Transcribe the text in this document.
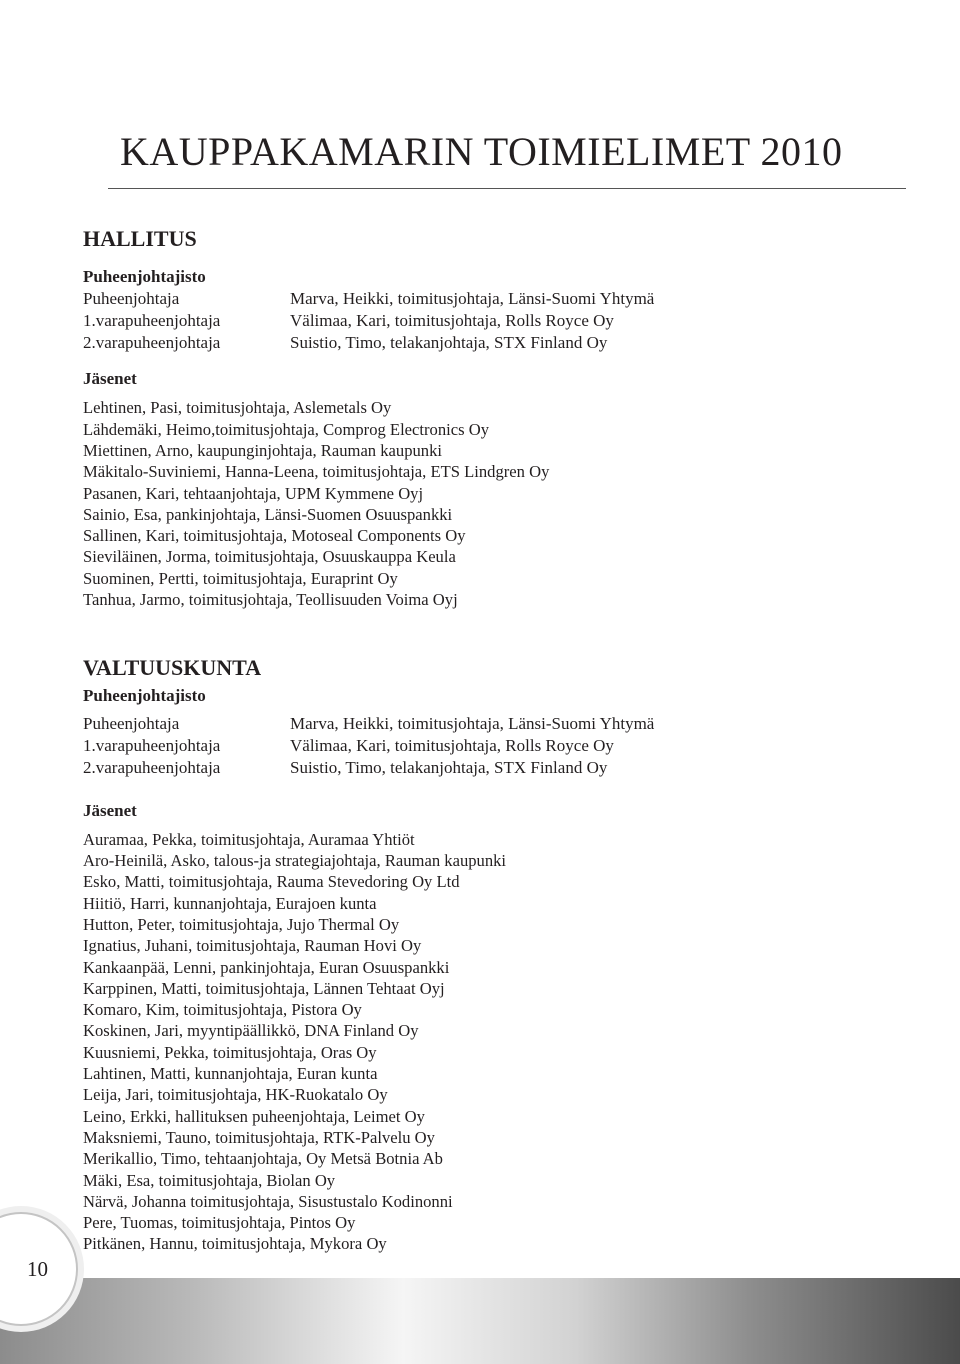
KAUPPAKAMARIN TOIMIELIMET 2010
HALLITUS
Puheenjohtajisto
Puheenjohtaja	Marva, Heikki, toimitusjohtaja, Länsi-Suomi Yhtymä
1.varapuheenjohtaja	Välimaa, Kari, toimitusjohtaja, Rolls Royce Oy
2.varapuheenjohtaja	Suistio, Timo, telakanjohtaja, STX Finland Oy
Jäsenet
Lehtinen, Pasi, toimitusjohtaja, Aslemetals Oy
Lähdemäki, Heimo,toimitusjohtaja, Comprog Electronics Oy
Miettinen, Arno, kaupunginjohtaja, Rauman kaupunki
Mäkitalo-Suviniemi, Hanna-Leena, toimitusjohtaja, ETS Lindgren Oy
Pasanen, Kari, tehtaanjohtaja, UPM Kymmene Oyj
Sainio, Esa, pankinjohtaja, Länsi-Suomen Osuuspankki
Sallinen, Kari, toimitusjohtaja, Motoseal Components Oy
Sieviläinen, Jorma, toimitusjohtaja, Osuuskauppa Keula
Suominen, Pertti, toimitusjohtaja, Euraprint Oy
Tanhua, Jarmo, toimitusjohtaja, Teollisuuden Voima Oyj
VALTUUSKUNTA
Puheenjohtajisto
Puheenjohtaja	Marva, Heikki, toimitusjohtaja, Länsi-Suomi Yhtymä
1.varapuheenjohtaja	Välimaa, Kari, toimitusjohtaja, Rolls Royce Oy
2.varapuheenjohtaja	Suistio, Timo, telakanjohtaja, STX Finland Oy
Jäsenet
Auramaa, Pekka, toimitusjohtaja, Auramaa Yhtiöt
Aro-Heinilä, Asko, talous-ja strategiajohtaja, Rauman kaupunki
Esko, Matti, toimitusjohtaja, Rauma Stevedoring Oy Ltd
Hiitiö, Harri, kunnanjohtaja, Eurajoen kunta
Hutton, Peter, toimitusjohtaja, Jujo Thermal Oy
Ignatius, Juhani, toimitusjohtaja, Rauman Hovi Oy
Kankaanpää, Lenni, pankinjohtaja, Euran Osuuspankki
Karppinen, Matti, toimitusjohtaja, Lännen Tehtaat Oyj
Komaro, Kim, toimitusjohtaja, Pistora Oy
Koskinen, Jari, myyntipäällikkö, DNA Finland Oy
Kuusniemi, Pekka, toimitusjohtaja, Oras Oy
Lahtinen, Matti, kunnanjohtaja, Euran kunta
Leija, Jari, toimitusjohtaja, HK-Ruokatalo Oy
Leino, Erkki, hallituksen puheenjohtaja, Leimet Oy
Maksniemi, Tauno, toimitusjohtaja, RTK-Palvelu Oy
Merikallio, Timo, tehtaanjohtaja, Oy Metsä Botnia Ab
Mäki, Esa, toimitusjohtaja, Biolan Oy
Närvä, Johanna toimitusjohtaja, Sisustustalo Kodinonni
Pere, Tuomas, toimitusjohtaja, Pintos Oy
Pitkänen, Hannu, toimitusjohtaja, Mykora Oy
10
